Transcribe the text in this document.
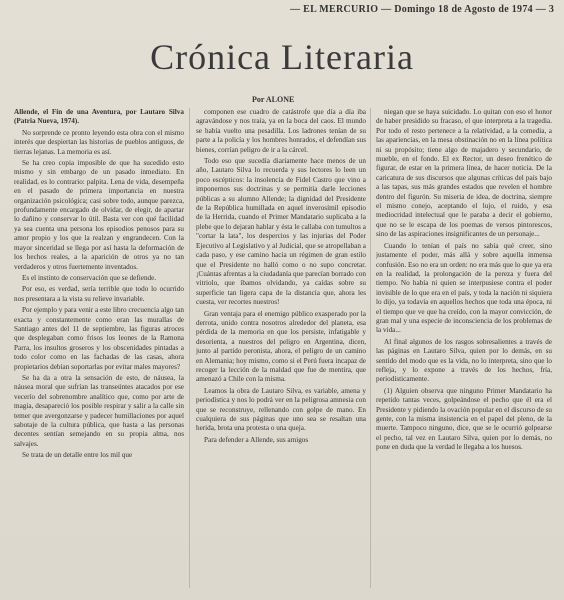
— EL MERCURIO — Domingo 18 de Agosto de 1974 — 3
Crónica Literaria
Por ALONE

Allende, el Fin de una Aventura, por Lautaro Silva (Patria Nueva, 1974).

No sorprende ce pronto leyendo esta obra con el mismo interés que despiertan las historias de pueblos antiguos, de tierras lejanas. La memoria es así.

Se ha creo copia imposible de que ha sucedido esto mismo y sin embargo de un pasado inmediato. En realidad, es lo contrario: palpita. Lena de vida, desempeña en el pasado de primera importancia en nuestra organización psicológica; casi sobre todo, aunque parezca, profundamente encargado de olvidar, de elegir, de apartar lo dañino y conservar lo útil. Basta ver con qué facilidad ya sea cuenta una persona los episodios penosos para su amor propio y los que la realzan y engrandecen. Con la mayor sinceridad se llega por así hasta la deformación de los hechos reales, a la aparición de otros ya no tan verdaderos y otros fuertemente inventados.

Es el instinto de conservación que se defiende.

Por eso, es verdad, sería terrible que todo lo ocurrido nos presentara a la vista su relieve invariable.

Por ejemplo y para venir a este libro crecuencia algo tan exacta y constantemente como eran las murallas de Santiago antes del 11 de septiembre, las figuras atroces que desplegaban como frisos los leones de la Ramona Parra, los insultos groseros y los obscenidades pintadas a todo color como en las fachadas de las casas, ahora propietarios debían soportarlas por evitar males mayores?

Se ha da a otra la sensación de esto, de náusea, la náusea moral que sufrían las transeúntes atacados por ese vecerío del sobrenombre analítico que, como por arte de magia, desapareció los posible respirar y salir a la calle sin temer que avergonzarse y padecer humillaciones por aquel sabotaje de la cultura pública, que hasta a las personas decentes sentían semejando en su propia alma, nos salvajes.

Se trata de un detalle entre los mil que

componen ese cuadro de catástrofe que día a día iba agravándose y nos traía, ya en la boca del caos. El mundo se había vuelto una pesadilla. Los ladrones tenían de su parte a la policía y los hombres honrados, el defendían sus bienes, corrían peligro de ir a la cárcel.

Todo eso que sucedía diariamente hace menos de un año, Lautaro Silva lo recuerda y sus lectores lo leen un poco escépticos: la insolencia de Fidel Castro que vino a imponernos sus doctrinas y se permitía darle lecciones públicas a su alumno Allende; la dignidad del Presidente de la República humillada en aquel inverosímil episodio de la Herrida, cuando el Primer Mandatario suplicaba a la plebe que lo dejaran hablar y ésta le callaba con tumultos a "cortar la lata", los despercios y las injurias del Poder Ejecutivo al Legislativo y al Judicial, que se atropellaban a cada paso, y ese camino hacia un régimen de gran estilo que el Presidente no halló como o no supo concretar. ¡Cuántas afrentas a la ciudadanía que parecían borrado con vitriolo, que íbamos olvidando, ya caídas sobre su superficie tan ligera capa de la distancia que, ahora les cuesta, ver recortes nuestros!

Gran ventaja para el enemigo público exasperado por la derrota, unido contra nosotros alrededor del planeta, esa pérdida de la memoria en que los persiste, infatigable y desorienta, a nuestros del peligro en Argentina, dicen, junto al partido peronista, ahora, el peligro de un camino en Alemania; hoy mismo, como si el Perú fuera incapaz de recoger la lección de la maldad que fue de mentira, que amenazó a Chile con la misma.

Leamos la obra de Lautaro Silva, es variable, amena y periodística y nos lo podrá ver en la peligrosa amnesia con que se reconstruye, rellenando con golpe de mano. En cualquiera de sus páginas que uno sea se resaltan una herida, brota una protesta o una queja.

Para defender a Allende, sus amigos

niegan que se haya suicidado. Lo quitan con eso el honor de haber presidido su fracaso, el que interpreta a la tragedia. Por todo el resto pertenece a la relatividad, a la comedia, a las apariencias, en la mesa obstinación no en la línea política ni su propósito; tiene algo de majadero y secundario, de mueble, en el fondo. El ex Rector, un deseo frenético de figurar, de estar en la primera línea, de hacer noticia. De la caricatura de sus discursos que algunas críticas del país bajo a las tapas, sus más grandes estados que revelen el hombre dentro del figurón. Su miseria de idea, de doctrina, siempre el mismo conejo, aceptando el lujo, el ruido, y esa mediocridad intelectual que le paraba a decir el gobierno, que no se le escapa de los poemas de versos pintorescos, sino de las aspiraciones insignificantes de un personaje...

Cuando lo tenían el país no sabía qué creer, sino justamente el poder, más allá y sobre aquella inmensa confusión. Eso no era un orden: no era más que lo que ya era en la realidad, la prolongación de la pereza y fuera del tiempo. No había ni quien se interpusiese contra el poder invisible de lo que era en el país, y toda la nación ni siquiera lo dijo, ya todavía en aquellos hechos que toda una época, ni el tiempo que ve que ha creído, con la mayor convicción, de gran mal y una especie de inconsciencia de los problemas de la vida...

Al final algunos de los rasgos sobresalientes a través de las páginas en Lautaro Silva, quien por lo demás, en su sentido del modo que es la vida, no lo interpreta, sino que lo refleja, y lo expone a través de los hechos, fría, periodísticamente.

(1) Alguien observa que ninguno Primer Mandatario ha repetido tantas veces, golpeándose el pecho que él era el Presidente y pidiendo la ovación popular en el discurso de su gente, con la misma insistencia en el papel del pleno, de la muerte. Tampoco ninguno, dice, que se le ocurrió golpearse el pecho, tal vez en Lautaro Silva, quien por lo demás, no pone en duda que la verdad le llegaba a los huesos.
